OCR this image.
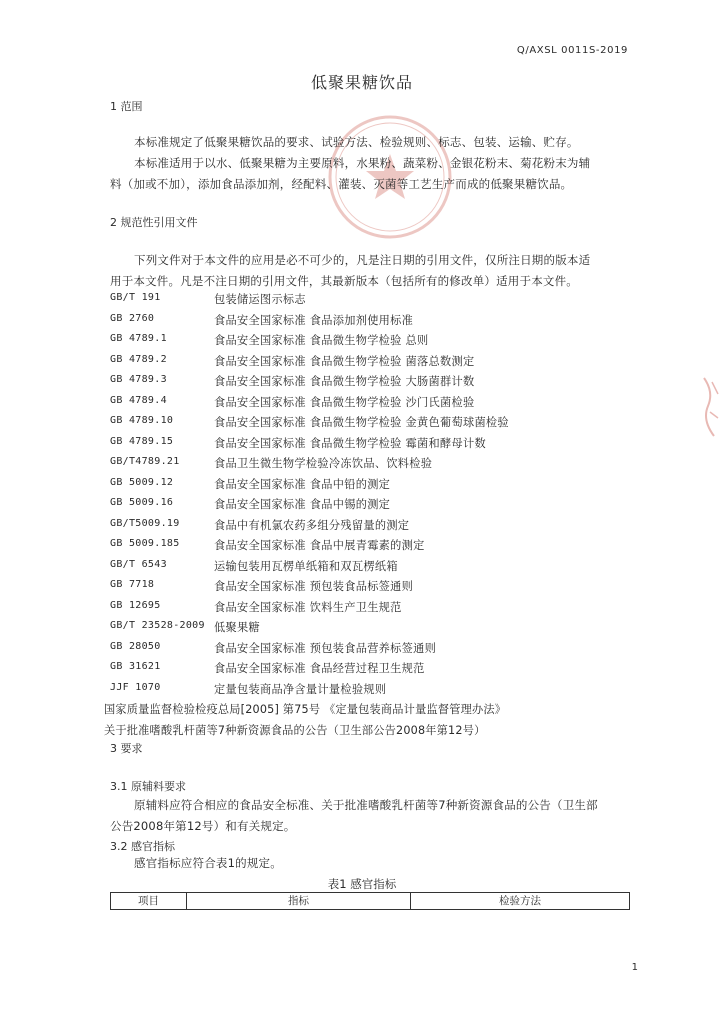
Q/AXSL 0011S-2019
低聚果糖饮品
1 范围
本标准规定了低聚果糖饮品的要求、试验方法、检验规则、标志、包装、运输、贮存。
本标准适用于以水、低聚果糖为主要原料，水果粉、蔬菜粉、金银花粉末、菊花粉末为辅
料（加或不加），添加食品添加剂，经配料、灌装、灭菌等工艺生产而成的低聚果糖饮品。
2 规范性引用文件
下列文件对于本文件的应用是必不可少的，凡是注日期的引用文件，仅所注日期的版本适
用于本文件。凡是不注日期的引用文件，其最新版本（包括所有的修改单）适用于本文件。
GB/T 191	包装储运图示标志
GB 2760	食品安全国家标准 食品添加剂使用标准
GB 4789.1	食品安全国家标准 食品微生物学检验 总则
GB 4789.2	食品安全国家标准 食品微生物学检验 菌落总数测定
GB 4789.3	食品安全国家标准 食品微生物学检验 大肠菌群计数
GB 4789.4	食品安全国家标准 食品微生物学检验 沙门氏菌检验
GB 4789.10	食品安全国家标准 食品微生物学检验 金黄色葡萄球菌检验
GB 4789.15	食品安全国家标准 食品微生物学检验 霉菌和酵母计数
GB/T4789.21	食品卫生微生物学检验冷冻饮品、饮料检验
GB 5009.12	食品安全国家标准 食品中铅的测定
GB 5009.16	食品安全国家标准 食品中锡的测定
GB/T5009.19	食品中有机氯农药多组分残留量的测定
GB 5009.185	食品安全国家标准 食品中展青霉素的测定
GB/T 6543	运输包装用瓦楞单纸箱和双瓦楞纸箱
GB 7718	食品安全国家标准 预包装食品标签通则
GB 12695	食品安全国家标准 饮料生产卫生规范
GB/T 23528-2009 低聚果糖
GB 28050	食品安全国家标准 预包装食品营养标签通则
GB 31621	食品安全国家标准 食品经营过程卫生规范
JJF 1070	定量包装商品净含量计量检验规则
国家质量监督检验检疫总局[2005] 第75号 《定量包装商品计量监督管理办法》
关于批准嗜酸乳杆菌等7种新资源食品的公告（卫生部公告2008年第12号）
3 要求
3.1 原辅料要求
原辅料应符合相应的食品安全标准、关于批准嗜酸乳杆菌等7种新资源食品的公告（卫生部
公告2008年第12号）和有关规定。
3.2 感官指标
感官指标应符合表1的规定。
表1 感官指标
项目	指标	检验方法
1
